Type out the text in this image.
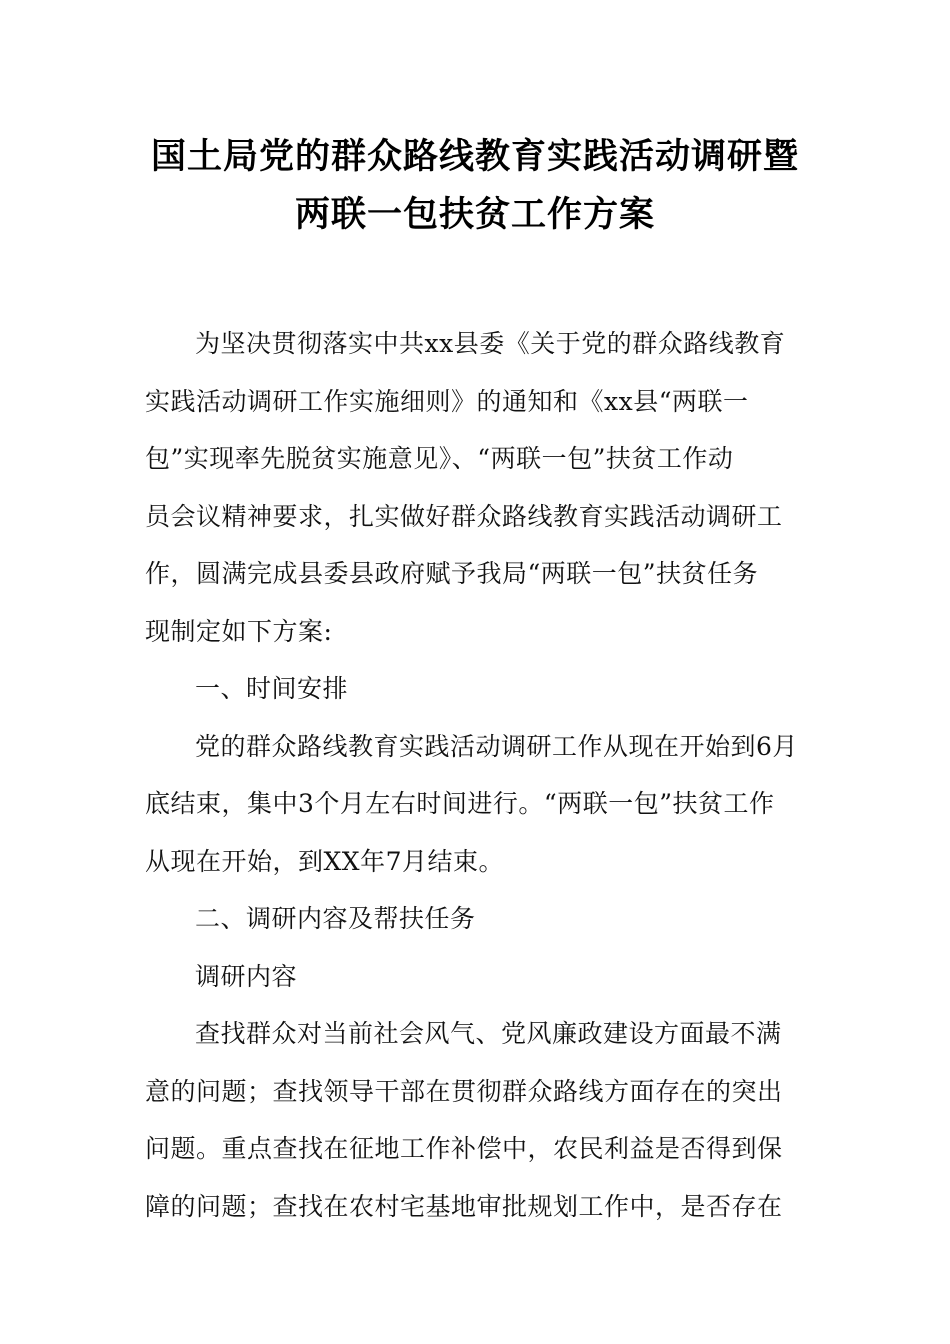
国土局党的群众路线教育实践活动调研暨
两联一包扶贫工作方案
为坚决贯彻落实中共xx县委《关于党的群众路线教育
实践活动调研工作实施细则》的通知和《xx县“两联一
包”实现率先脱贫实施意见》、“两联一包”扶贫工作动
员会议精神要求，扎实做好群众路线教育实践活动调研工
作，圆满完成县委县政府赋予我局“两联一包”扶贫任务
现制定如下方案:
一、时间安排
党的群众路线教育实践活动调研工作从现在开始到6月
底结束，集中3个月左右时间进行。“两联一包”扶贫工作
从现在开始，到XX年7月结束。
二、调研内容及帮扶任务
调研内容
查找群众对当前社会风气、党风廉政建设方面最不满
意的问题；查找领导干部在贯彻群众路线方面存在的突出
问题。重点查找在征地工作补偿中，农民利益是否得到保
障的问题；查找在农村宅基地审批规划工作中，是否存在
